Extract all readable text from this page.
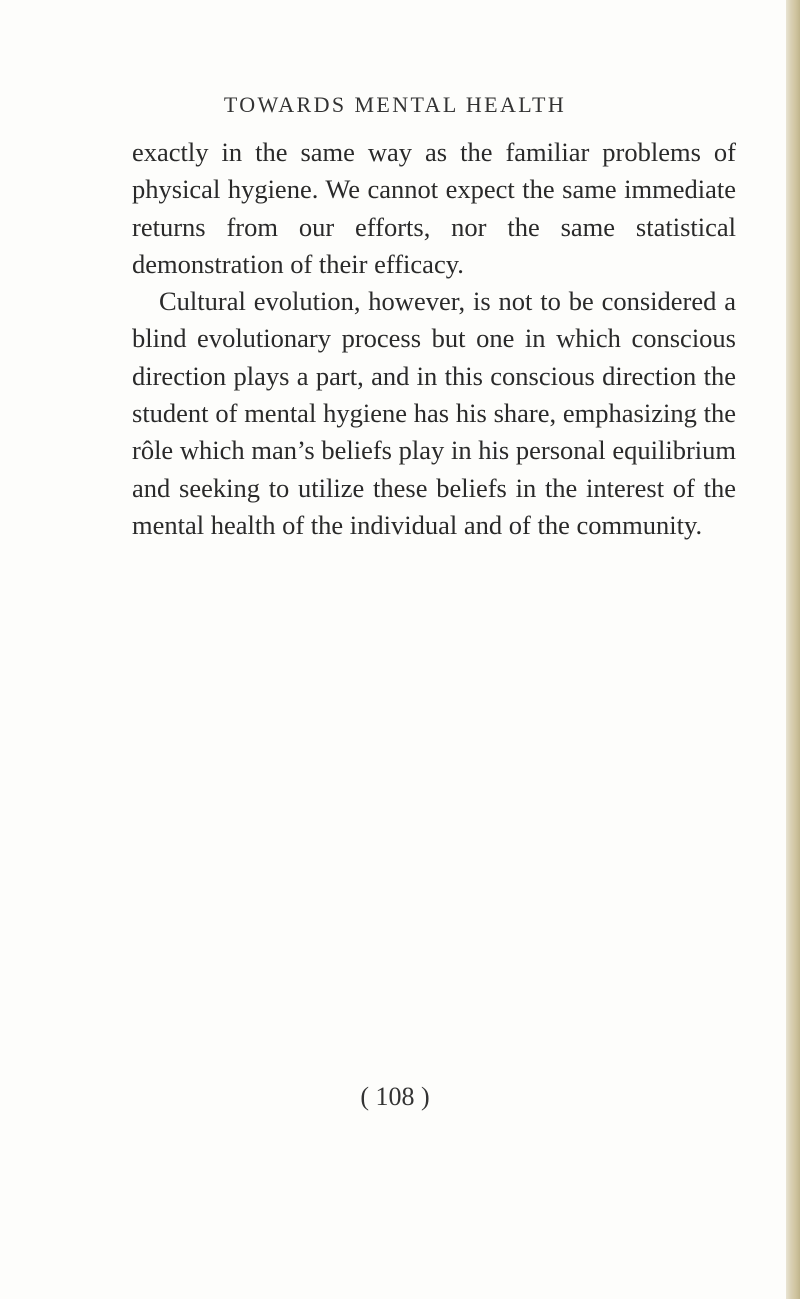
TOWARDS MENTAL HEALTH

exactly in the same way as the familiar problems of physical hygiene. We cannot expect the same immediate returns from our efforts, nor the same statistical demonstration of their efficacy.

Cultural evolution, however, is not to be considered a blind evolutionary process but one in which conscious direction plays a part, and in this conscious direction the student of mental hygiene has his share, emphasizing the rôle which man’s beliefs play in his personal equilibrium and seeking to utilize these beliefs in the interest of the mental health of the individual and of the community.

( 108 )
